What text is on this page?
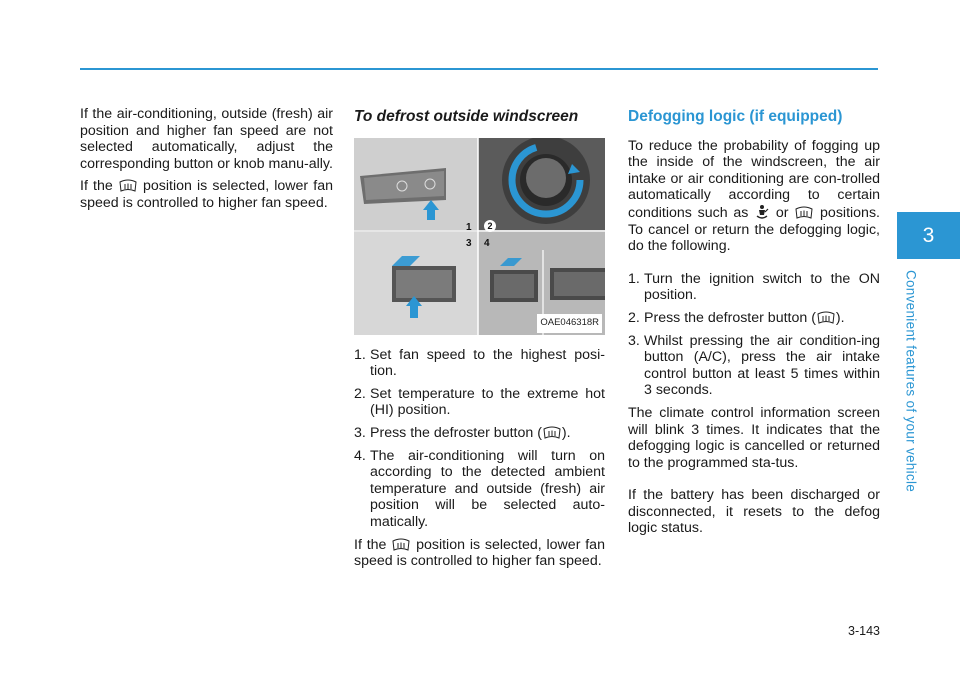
If the air-conditioning, outside (fresh) air position and higher fan speed are not selected automatically, adjust the corresponding button or knob manu-ally.

If the position is selected, lower fan speed is controlled to higher fan speed.

To defrost outside windscreen
1	2
3 4
OAE046318R
1. Set fan speed to the highest posi-tion.
2. Set temperature to the extreme hot (HI) position.
3. Press the defroster button ( ).
4. The air-conditioning will turn on according to the detected ambient temperature and outside (fresh) air position will be selected auto-matically.

If the position is selected, lower fan speed is controlled to higher fan speed.

Defogging logic (if equipped)

To reduce the probability of fogging up the inside of the windscreen, the air intake or air conditioning are con-trolled automatically according to certain conditions such as or positions. To cancel or return the defogging logic, do the following.

1. Turn the ignition switch to the ON position.
2. Press the defroster button ( ).
3. Whilst pressing the air condition-ing button (A/C), press the air intake control button at least 5 times within 3 seconds.

The climate control information screen will blink 3 times. It indicates that the defogging logic is cancelled or returned to the programmed sta-tus.

If the battery has been discharged or disconnected, it resets to the defog logic status.

3
Convenient features of your vehicle
3-143
